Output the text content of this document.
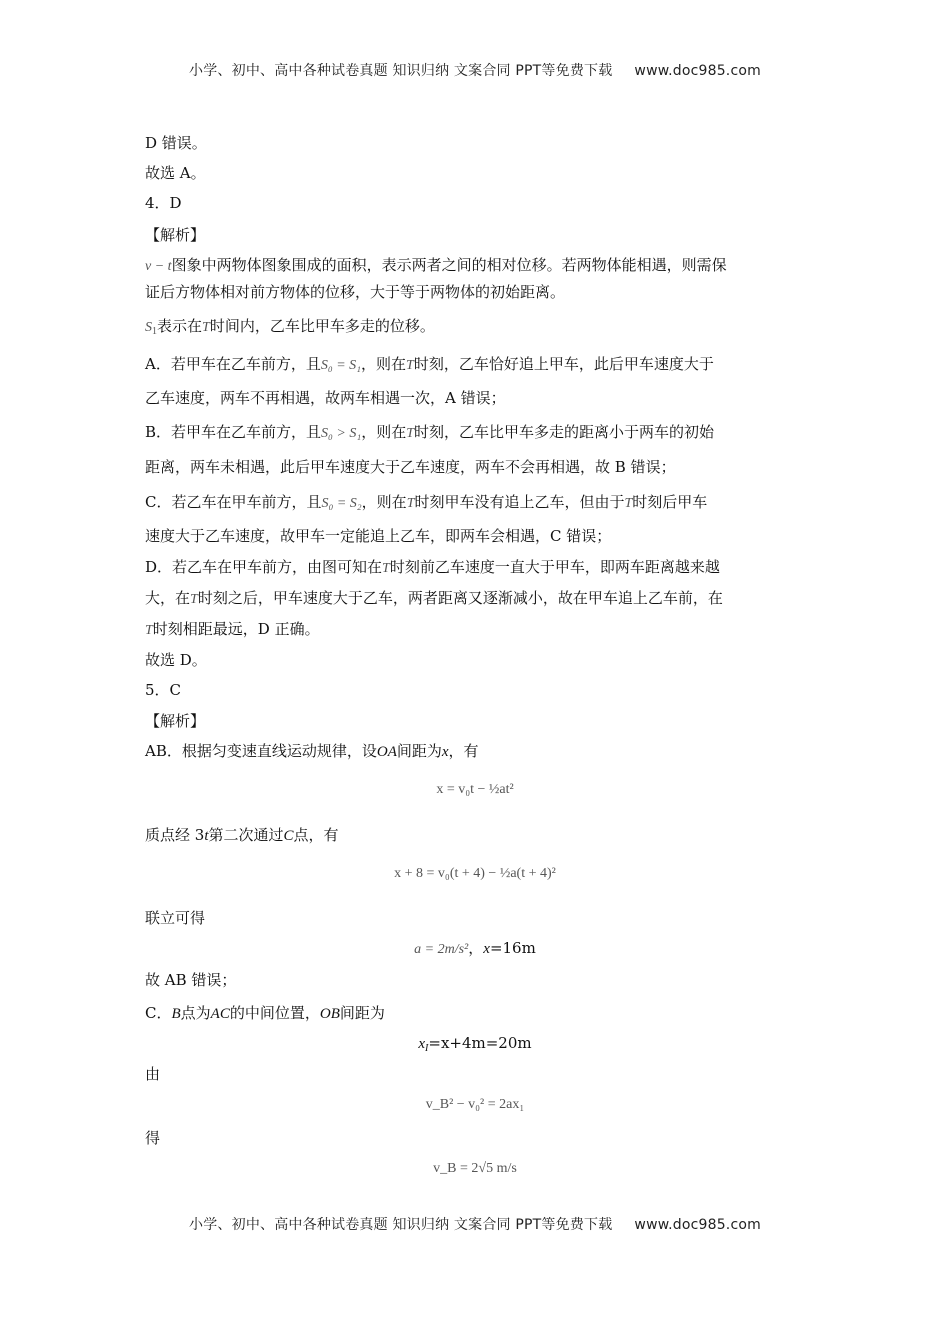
小学、初中、高中各种试卷真题 知识归纳 文案合同 PPT等免费下载 www.doc985.com
D 错误。
故选 A。
4．D
【解析】
v − t图象中两物体图象围成的面积，表示两者之间的相对位移。若两物体能相遇，则需保
证后方物体相对前方物体的位移，大于等于两物体的初始距离。
$S_1$表示在T时间内，乙车比甲车多走的位移。
A．若甲车在乙车前方，且S₀ = S₁，则在T时刻，乙车恰好追上甲车，此后甲车速度大于
乙车速度，两车不再相遇，故两车相遇一次，A 错误；
B．若甲车在乙车前方，且S₀ > S₁，则在T时刻，乙车比甲车多走的距离小于两车的初始
距离，两车未相遇，此后甲车速度大于乙车速度，两车不会再相遇，故 B 错误；
C．若乙车在甲车前方，且S₀ = S₂，则在T时刻甲车没有追上乙车，但由于T时刻后甲车
速度大于乙车速度，故甲车一定能追上乙车，即两车会相遇，C 错误；
D．若乙车在甲车前方，由图可知在T时刻前乙车速度一直大于甲车，即两车距离越来越
大，在T时刻之后，甲车速度大于乙车，两者距离又逐渐减小，故在甲车追上乙车前，在
T时刻相距最远，D 正确。
故选 D。
5．C
【解析】
AB．根据匀变速直线运动规律，设OA间距为x，有
x = v₀t − ½at²
质点经 3t第二次通过C点，有
x + 8 = v₀(t + 4) − ½a(t + 4)²
联立可得
a = 2m/s²，x=16m
故 AB 错误；
C．B点为AC的中间位置，OB间距为
$x_I=x+4m=20m$
由
v_B² − v₀² = 2ax₁
得
v_B = 2√5 m/s
小学、初中、高中各种试卷真题 知识归纳 文案合同 PPT等免费下载 www.doc985.com
